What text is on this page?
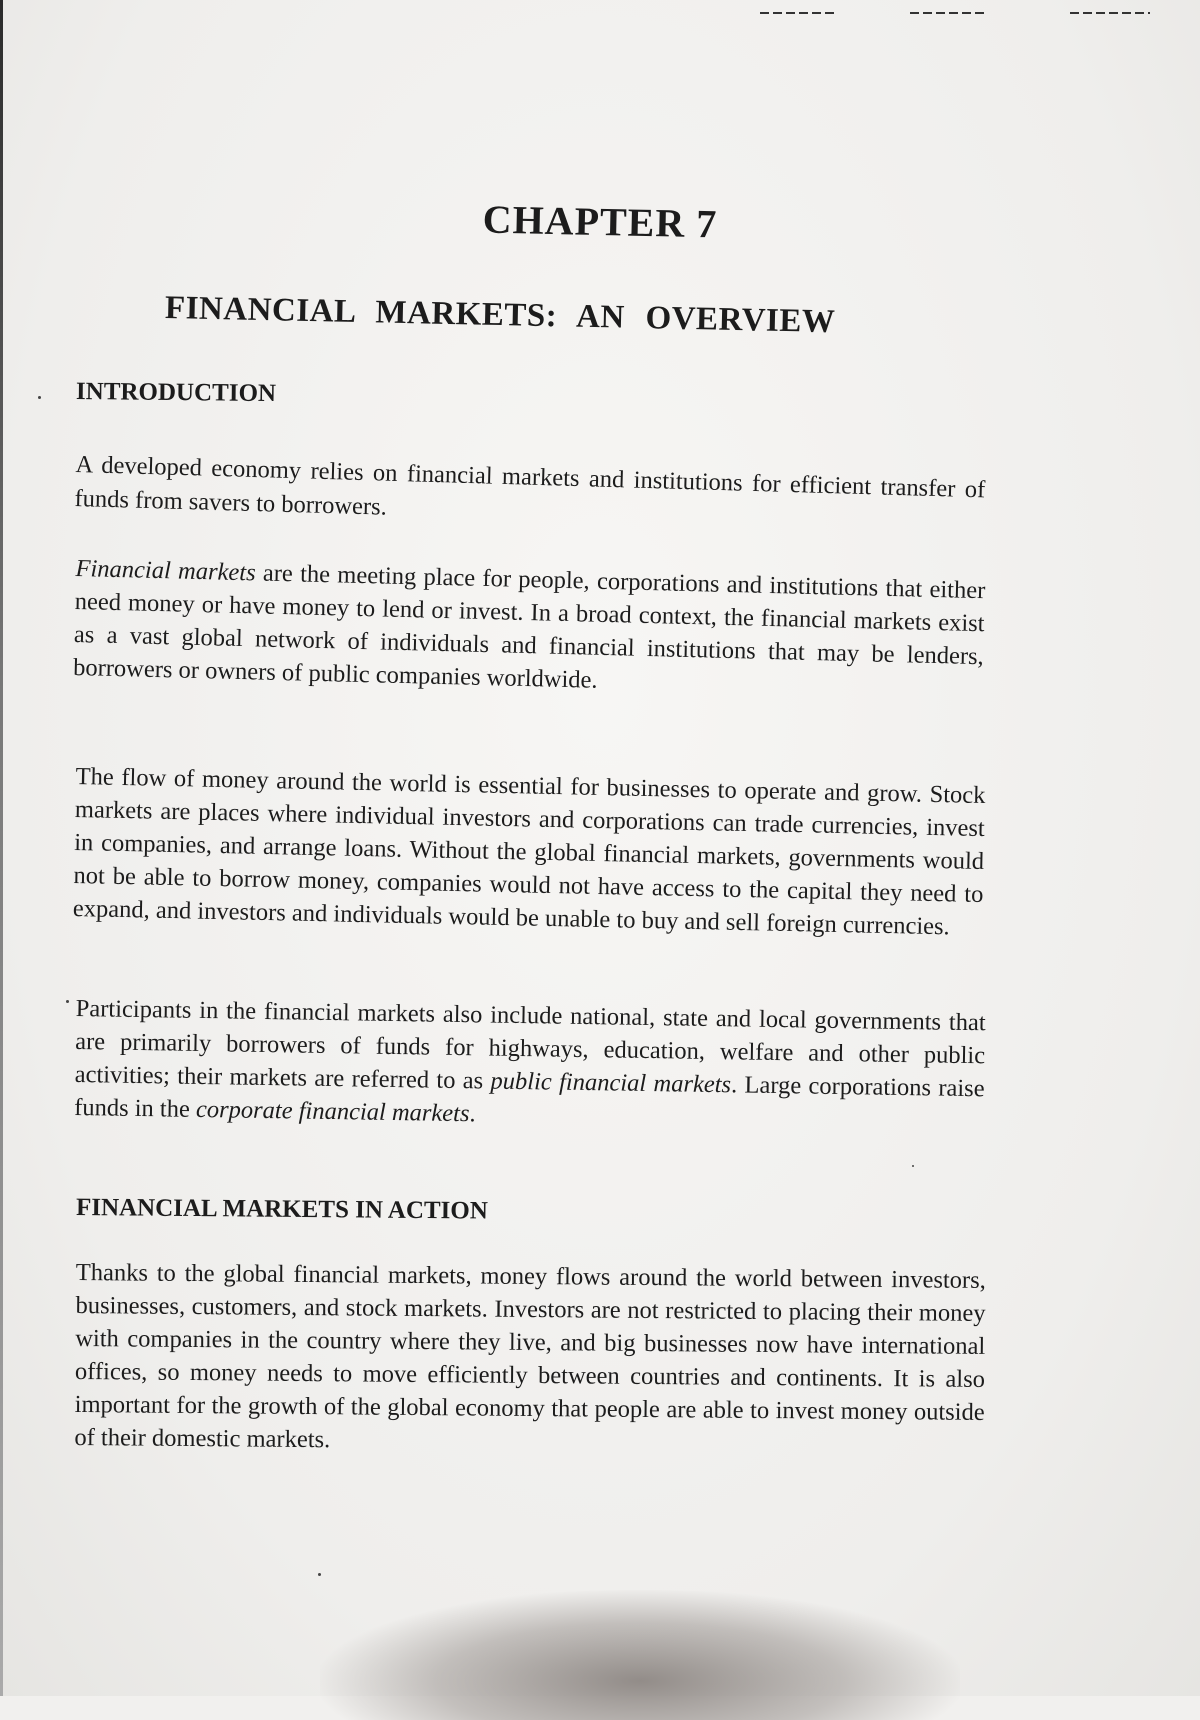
CHAPTER 7
FINANCIAL MARKETS: AN OVERVIEW
INTRODUCTION

A developed economy relies on financial markets and institutions for efficient transfer of funds from savers to borrowers.

Financial markets are the meeting place for people, corporations and institutions that either need money or have money to lend or invest. In a broad context, the financial markets exist as a vast global network of individuals and financial institutions that may be lenders, borrowers or owners of public companies worldwide.

The flow of money around the world is essential for businesses to operate and grow. Stock markets are places where individual investors and corporations can trade currencies, invest in companies, and arrange loans. Without the global financial markets, governments would not be able to borrow money, companies would not have access to the capital they need to expand, and investors and individuals would be unable to buy and sell foreign currencies.

Participants in the financial markets also include national, state and local governments that are primarily borrowers of funds for highways, education, welfare and other public activities; their markets are referred to as public financial markets. Large corporations raise funds in the corporate financial markets.

FINANCIAL MARKETS IN ACTION

Thanks to the global financial markets, money flows around the world between investors, businesses, customers, and stock markets. Investors are not restricted to placing their money with companies in the country where they live, and big businesses now have international offices, so money needs to move efficiently between countries and continents. It is also important for the growth of the global economy that people are able to invest money outside of their domestic markets.
